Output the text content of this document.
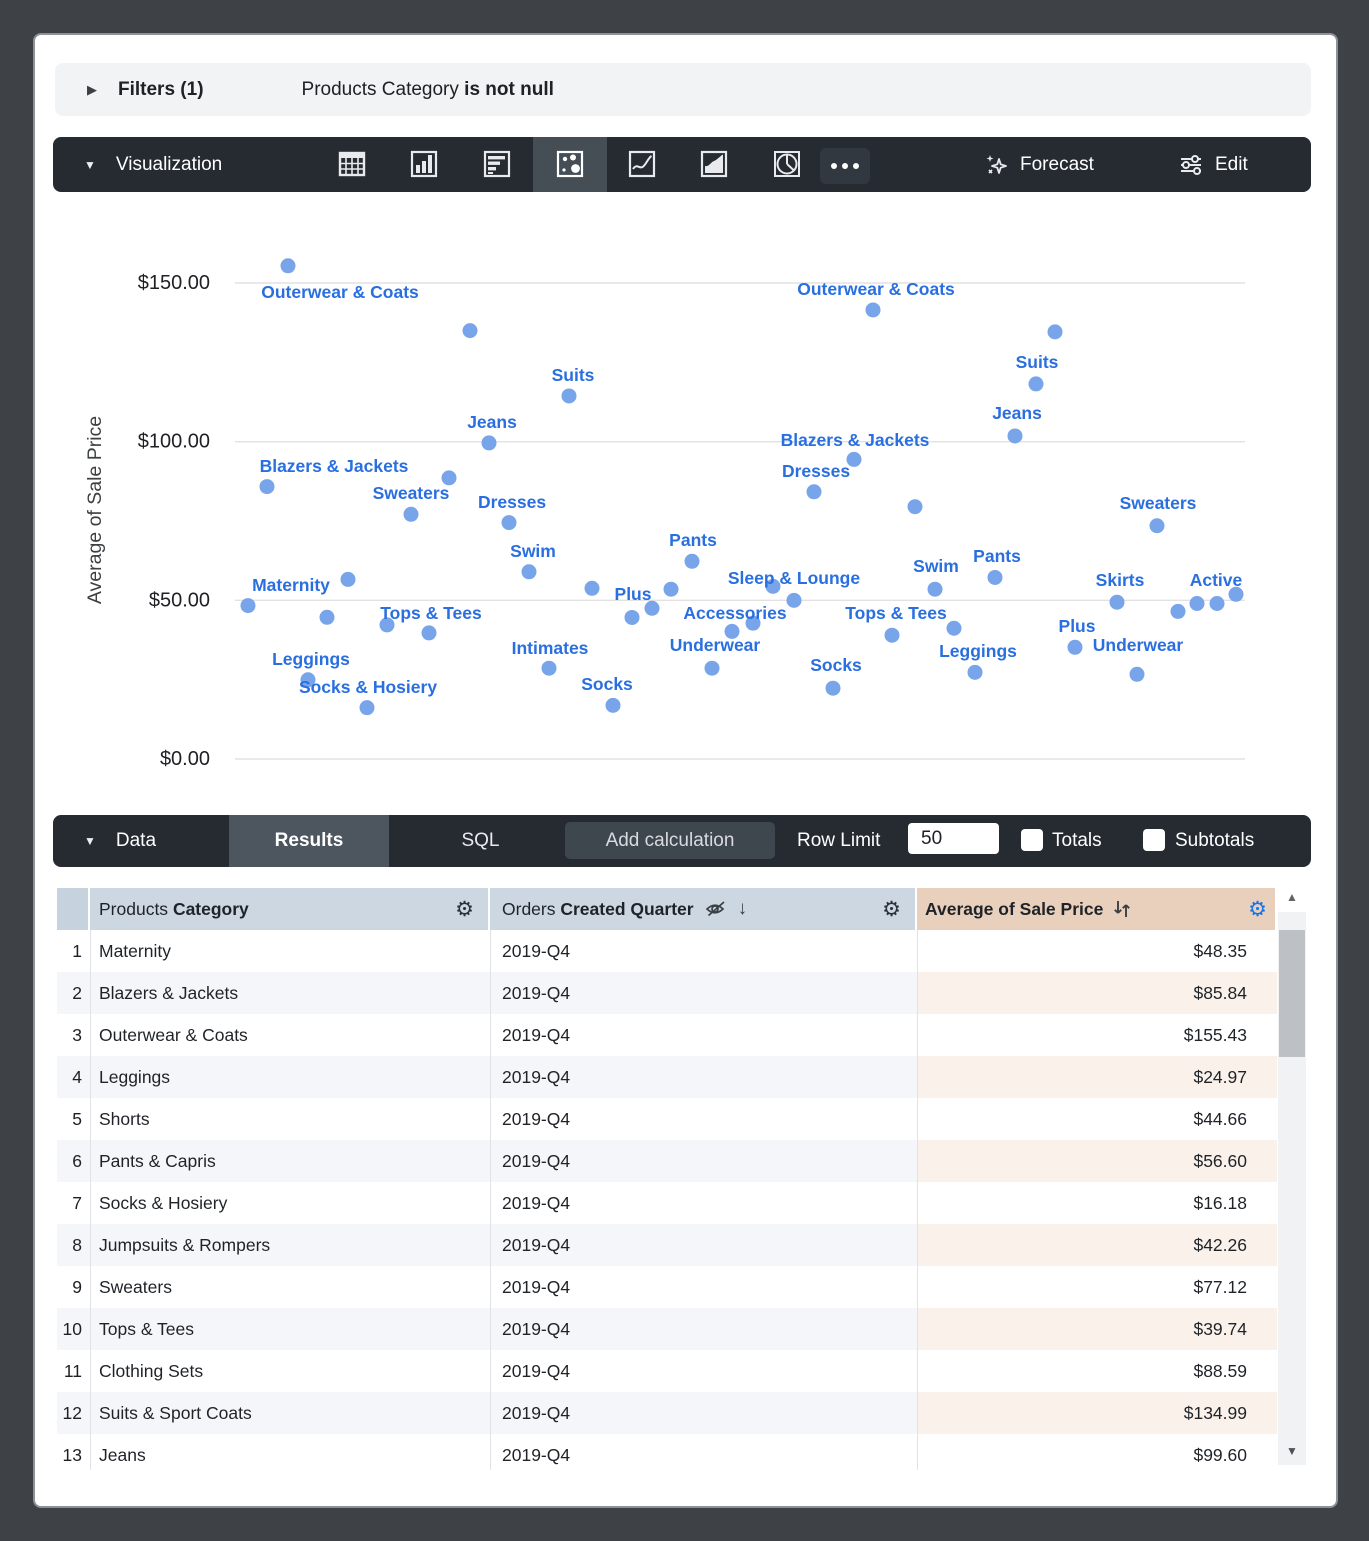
▶ Filters (1)	Products Category is not null
▼ Visualization	Forecast	Edit
$150.00
$100.00
$50.00
$0.00
Outerwear & Coats
Suits
Jeans
Blazers & Jackets
Sweaters Dresses
Swim
Maternity
Tops & Tees
Leggings
Socks & Hosiery
Intimates
Socks
Pants
Plus
Sleep & Lounge
Accessories	Tops & Tees
Underwear
Socks
Swim Pants
Leggings
Outerwear & Coats
Suits
Jeans
Blazers & Jackets
Dresses
Sweaters
Skirts	Active
Plus
Underwear
Average of Sale Price
▼ Data	Results	SQL	Add calculation	Row Limit
50	Totals	Subtotals
Products Category	⚙ Orders Created Quarter ↓	⚙ Average of Sale Price	⚙
1 Maternity	2019-Q4	$48.35
2 Blazers & Jackets	2019-Q4	$85.84
3 Outerwear & Coats	2019-Q4	$155.43
4 Leggings	2019-Q4	$24.97
5 Shorts	2019-Q4	$44.66
6 Pants & Capris	2019-Q4	$56.60
7 Socks & Hosiery	2019-Q4	$16.18
8 Jumpsuits & Rompers	2019-Q4	$42.26
9 Sweaters	2019-Q4	$77.12
10 Tops & Tees	2019-Q4	$39.74
11 Clothing Sets	2019-Q4	$88.59
12 Suits & Sport Coats	2019-Q4	$134.99
13 Jeans	2019-Q4	$99.60
▲
▼
